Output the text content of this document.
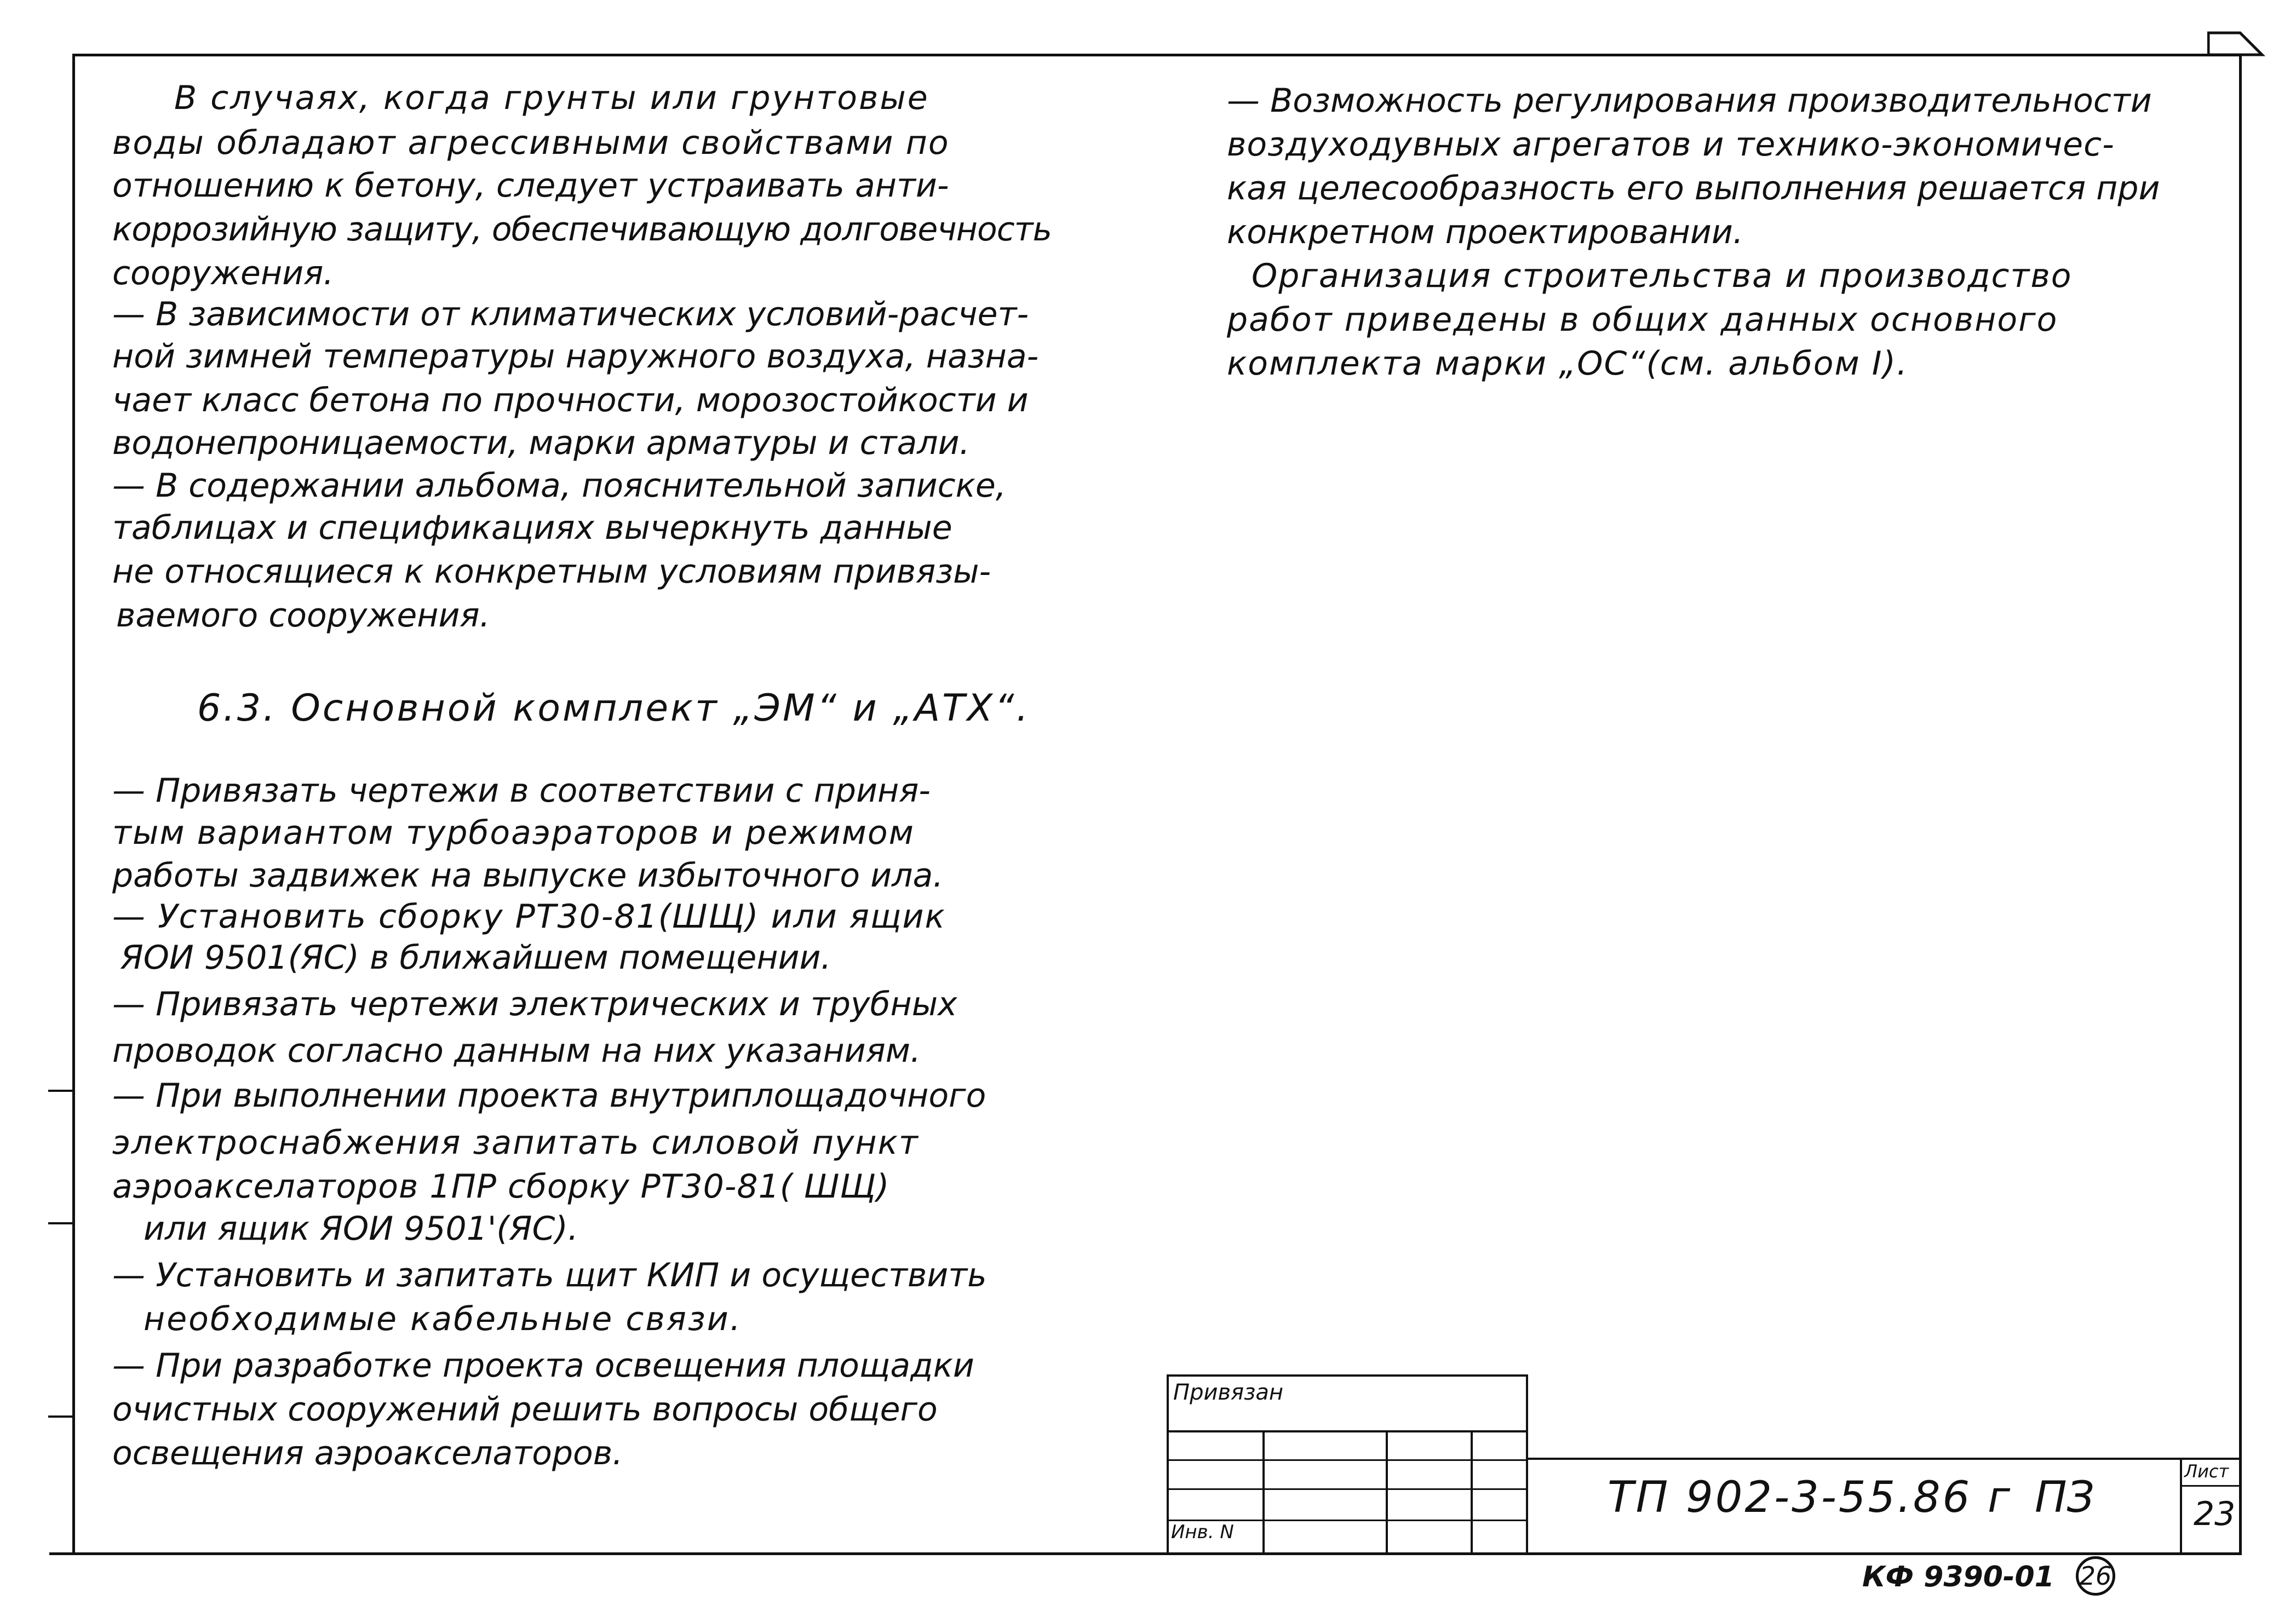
В случаях, когда грунты или грунтовые
воды обладают агрессивными свойствами по
отношению к бетону, следует устраивать анти-
коррозийную защиту, обеспечивающую долговечность
сооружения.
— В зависимости от климатических условий-расчет-
ной зимней температуры наружного воздуха, назна-
чает класс бетона по прочности, морозостойкости и
водонепроницаемости, марки арматуры и стали.
— В содержании альбома, пояснительной записке,
таблицах и спецификациях вычеркнуть данные
не относящиеся к конкретным условиям привязы-
ваемого сооружения.
6.3. Основной комплект „ЭМ“ и „АТХ“.
— Привязать чертежи в соответствии с приня-
тым вариантом турбоаэраторов и режимом
работы задвижек на выпуске избыточного ила.
— Установить сборку РТ30-81(ШЩ) или ящик
ЯОИ 9501(ЯС) в ближайшем помещении.
— Привязать чертежи электрических и трубных
проводок согласно данным на них указаниям.
— При выполнении проекта внутриплощадочного
электроснабжения запитать силовой пункт
аэроакселаторов 1ПР сборку РТ30-81( ШЩ)
или ящик ЯОИ 9501'(ЯС).
— Установить и запитать щит КИП и осуществить
необходимые кабельные связи.
— При разработке проекта освещения площадки
очистных сооружений решить вопросы общего
освещения аэроакселаторов.
— Возможность регулирования производительности
воздуходувных агрегатов и технико-экономичес-
кая целесообразность его выполнения решается при
конкретном проектировании.
Организация строительства и производство
работ приведены в общих данных основного
комплекта марки „ОС“(см. альбом I).
Привязан
Инв. N
ТП 902-3-55.86 г ПЗ
Лист
23
КФ 9390-01 26
